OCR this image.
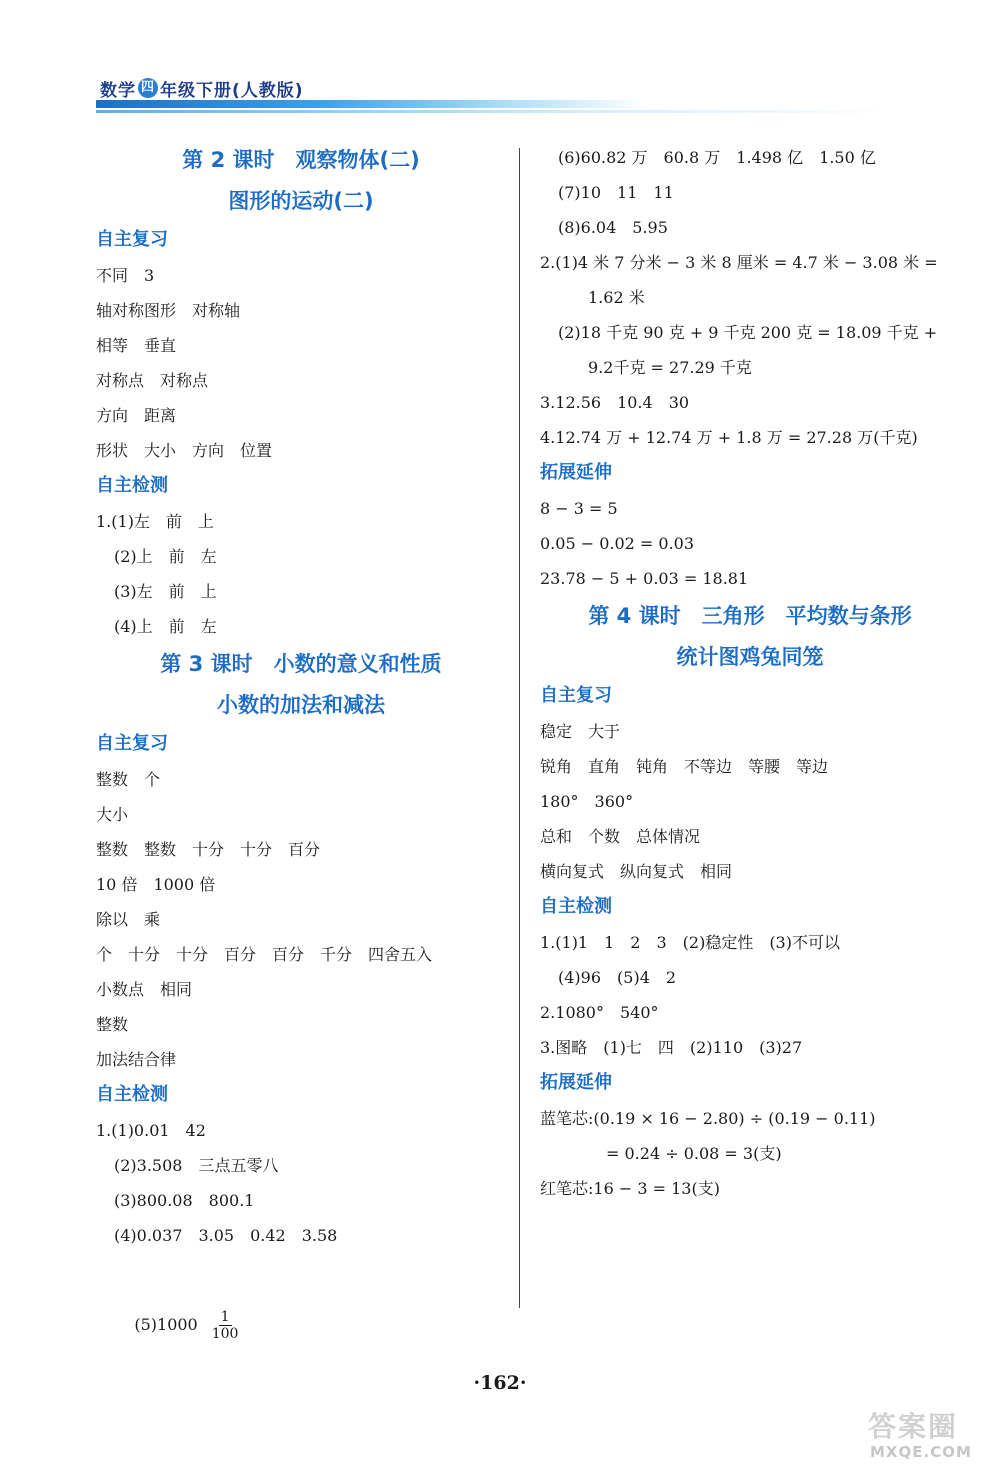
数学 四 年级下册(人教版)
第 2 课时　观察物体(二)
图形的运动(二)
自主复习
不同　3
轴对称图形　对称轴
相等　垂直
对称点　对称点
方向　距离
形状　大小　方向　位置
自主检测
1.(1)左　前　上
(2)上　前　左
(3)左　前　上
(4)上　前　左
第 3 课时　小数的意义和性质
小数的加法和减法
自主复习
整数　个
大小
整数　整数　十分　十分　百分
10 倍　1000 倍
除以　乘
个　十分　十分　百分　百分　千分　四舍五入
小数点　相同
整数
加法结合律
自主检测
1.(1)0.01　42
(2)3.508　三点五零八
(3)800.08　800.1
(4)0.037　3.05　0.42　3.58

$(5)1000 \frac{1}{100}$

(6)60.82 万　60.8 万　1.498 亿　1.50 亿
(7)10　11　11
(8)6.04　5.95
2.(1)4 米 7 分米 − 3 米 8 厘米 = 4.7 米 − 3.08 米 =
1.62 米
(2)18 千克 90 克 + 9 千克 200 克 = 18.09 千克 +
9.2千克 = 27.29 千克
3.12.56　10.4　30
4.12.74 万 + 12.74 万 + 1.8 万 = 27.28 万(千克)
拓展延伸
8 − 3 = 5
0.05 − 0.02 = 0.03
23.78 − 5 + 0.03 = 18.81
第 4 课时　三角形　平均数与条形
统计图鸡兔同笼
自主复习
稳定　大于
锐角　直角　钝角　不等边　等腰　等边
180°　360°
总和　个数　总体情况
横向复式　纵向复式　相同
自主检测
1.(1)1　1　2　3　(2)稳定性　(3)不可以
(4)96　(5)4　2
2.1080°　540°
3.图略　(1)七　四　(2)110　(3)27
拓展延伸
蓝笔芯:(0.19 × 16 − 2.80) ÷ (0.19 − 0.11)
= 0.24 ÷ 0.08 = 3(支)
红笔芯:16 − 3 = 13(支)
·162·
答案圈
MXQE.COM
